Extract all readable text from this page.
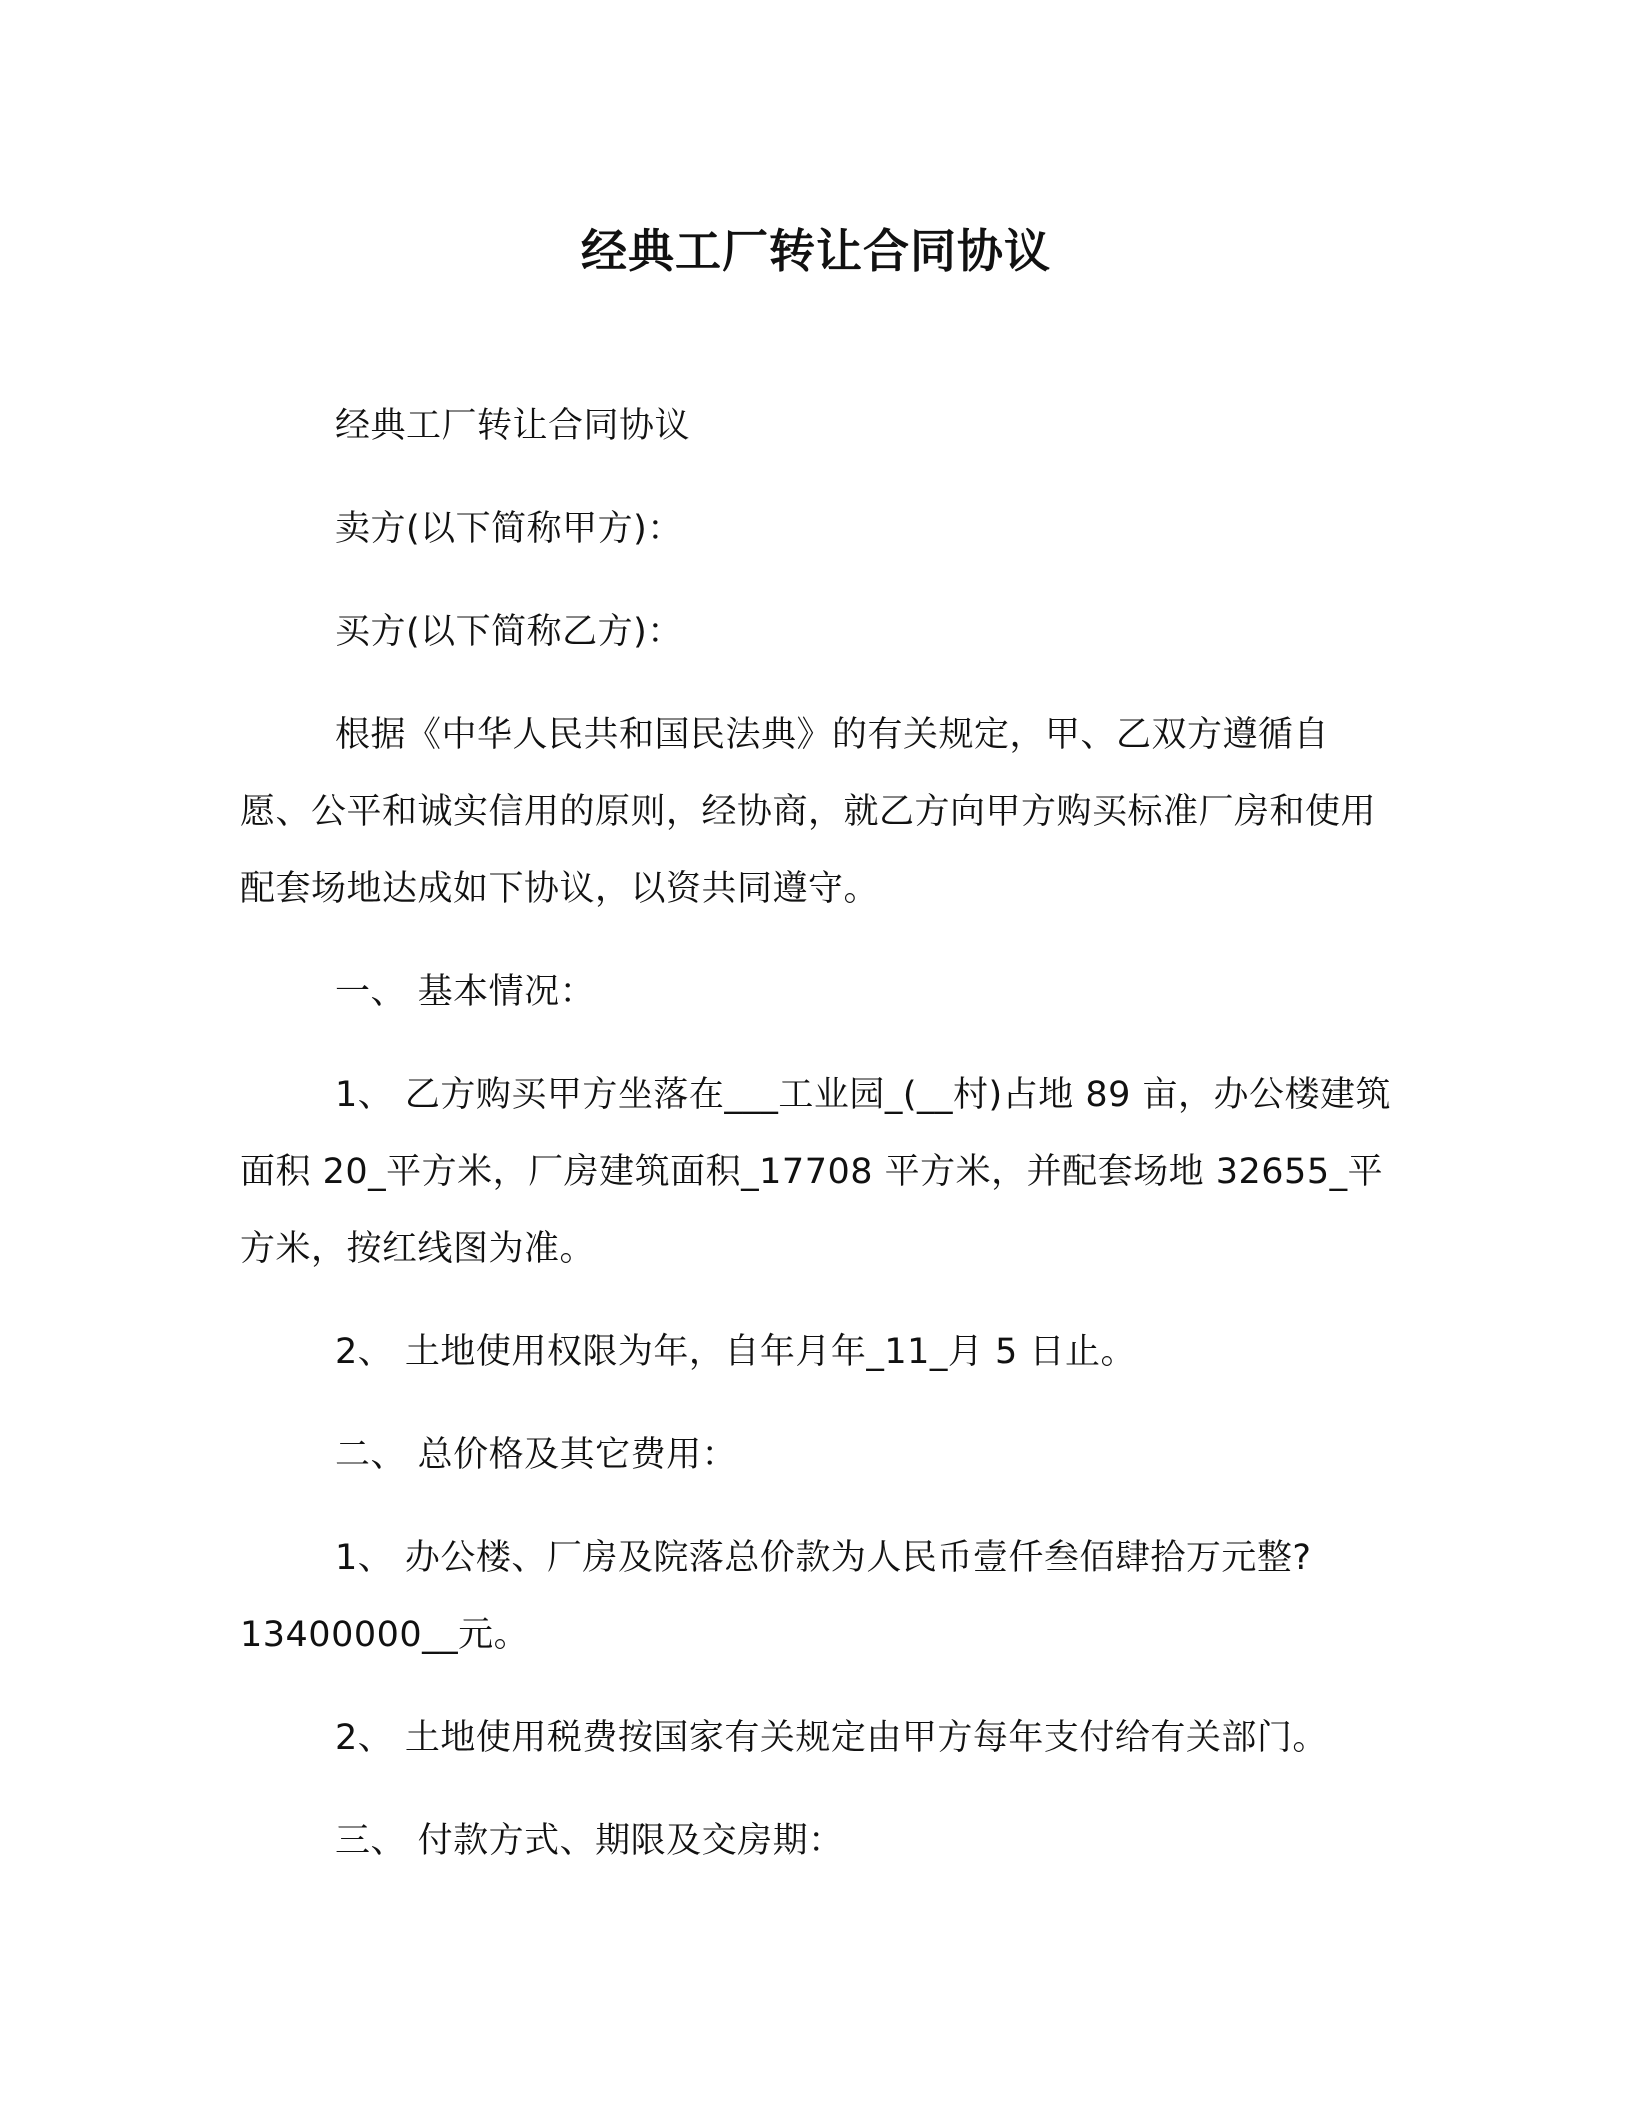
经典工厂转让合同协议

经典工厂转让合同协议

卖方(以下简称甲方)：

买方(以下简称乙方)：

根据《中华人民共和国民法典》的有关规定，甲、乙双方遵循自愿、公平和诚实信用的原则，经协商，就乙方向甲方购买标准厂房和使用配套场地达成如下协议，以资共同遵守。

一、 基本情况：

1、 乙方购买甲方坐落在___工业园_(__村)占地 89 亩，办公楼建筑面积 20_平方米，厂房建筑面积_17708 平方米，并配套场地 32655_平方米，按红线图为准。

2、 土地使用权限为年，自年月年_11_月 5 日止。

二、 总价格及其它费用：

1、 办公楼、厂房及院落总价款为人民币壹仟叁佰肆拾万元整?13400000__元。

2、 土地使用税费按国家有关规定由甲方每年支付给有关部门。

三、 付款方式、期限及交房期：
